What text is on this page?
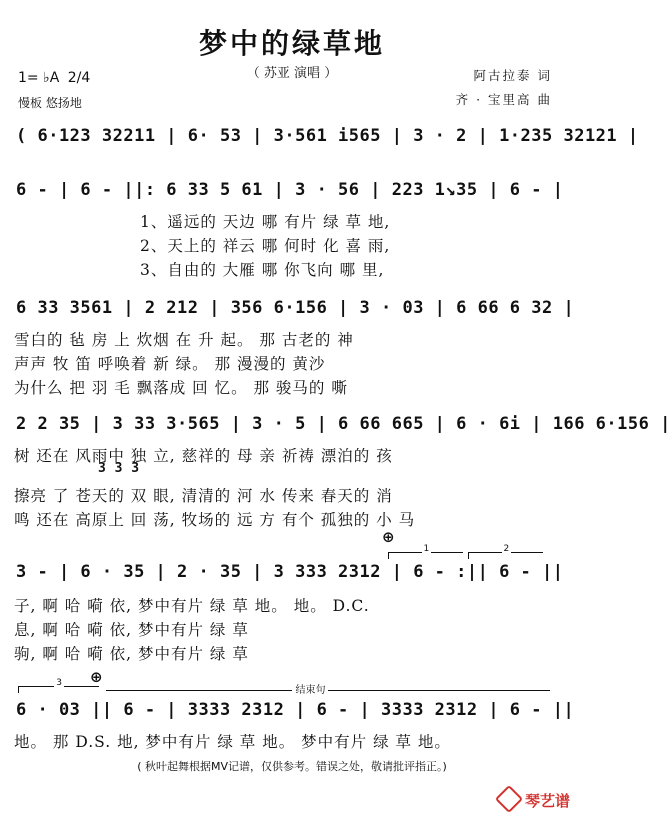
梦中的绿草地
（ 苏亚 演唱 ）	阿古拉泰 词
齐 · 宝里高 曲
1= ♭A 2/4
慢板 悠扬地
( 6·123 32211 | 6· 53 | 3·561 i565 | 3 · 2 | 1·235 32121 |
6 - | 6 - ||: 6 33 5 61 | 3 · 56 | 223 1↘35 | 6 - |
1、遥远的 天边 哪 有片 绿 草 地,
2、天上的 祥云 哪 何时 化 喜 雨,
3、自由的 大雁 哪 你飞向 哪 里,
6 33 3561 | 2 212 | 356 6·156 | 3 · 03 | 6 66 6 32 |
雪白的 毡 房 上 炊烟 在 升 起。 那 古老的 神
声声 牧 笛 呼唤着 新 绿。 那 漫漫的 黄沙
为什么 把 羽 毛 飘落成 回 忆。 那 骏马的 嘶
2 2 35 | 3 33 3·565 | 3 · 5 | 6 66 665 | 6 · 6i | 166 6·156 |
树 还在 风雨中 独 立, 慈祥的 母 亲 祈祷 漂泊的 孩
3 3 3
擦亮 了 苍天的 双 眼, 清清的 河 水 传来 春天的 消
鸣 还在 高原上 回 荡, 牧场的 远 方 有个 孤独的 小 马
⊕
1	2
3 - | 6 · 35 | 2 · 35 | 3 333 2312 | 6 - :|| 6 - ||
子, 啊 哈 嗬 依, 梦中有片 绿 草 地。 地。 D.C.
息, 啊 哈 嗬 依, 梦中有片 绿 草
驹, 啊 哈 嗬 依, 梦中有片 绿 草
⊕
3
结束句
6 · 03 || 6 - | 3333 2312 | 6 - | 3333 2312 | 6 - ||
地。 那 D.S. 地, 梦中有片 绿 草 地。 梦中有片 绿 草 地。
( 秋叶起舞根据MV记谱，仅供参考。错误之处，敬请批评指正。)
琴艺谱
